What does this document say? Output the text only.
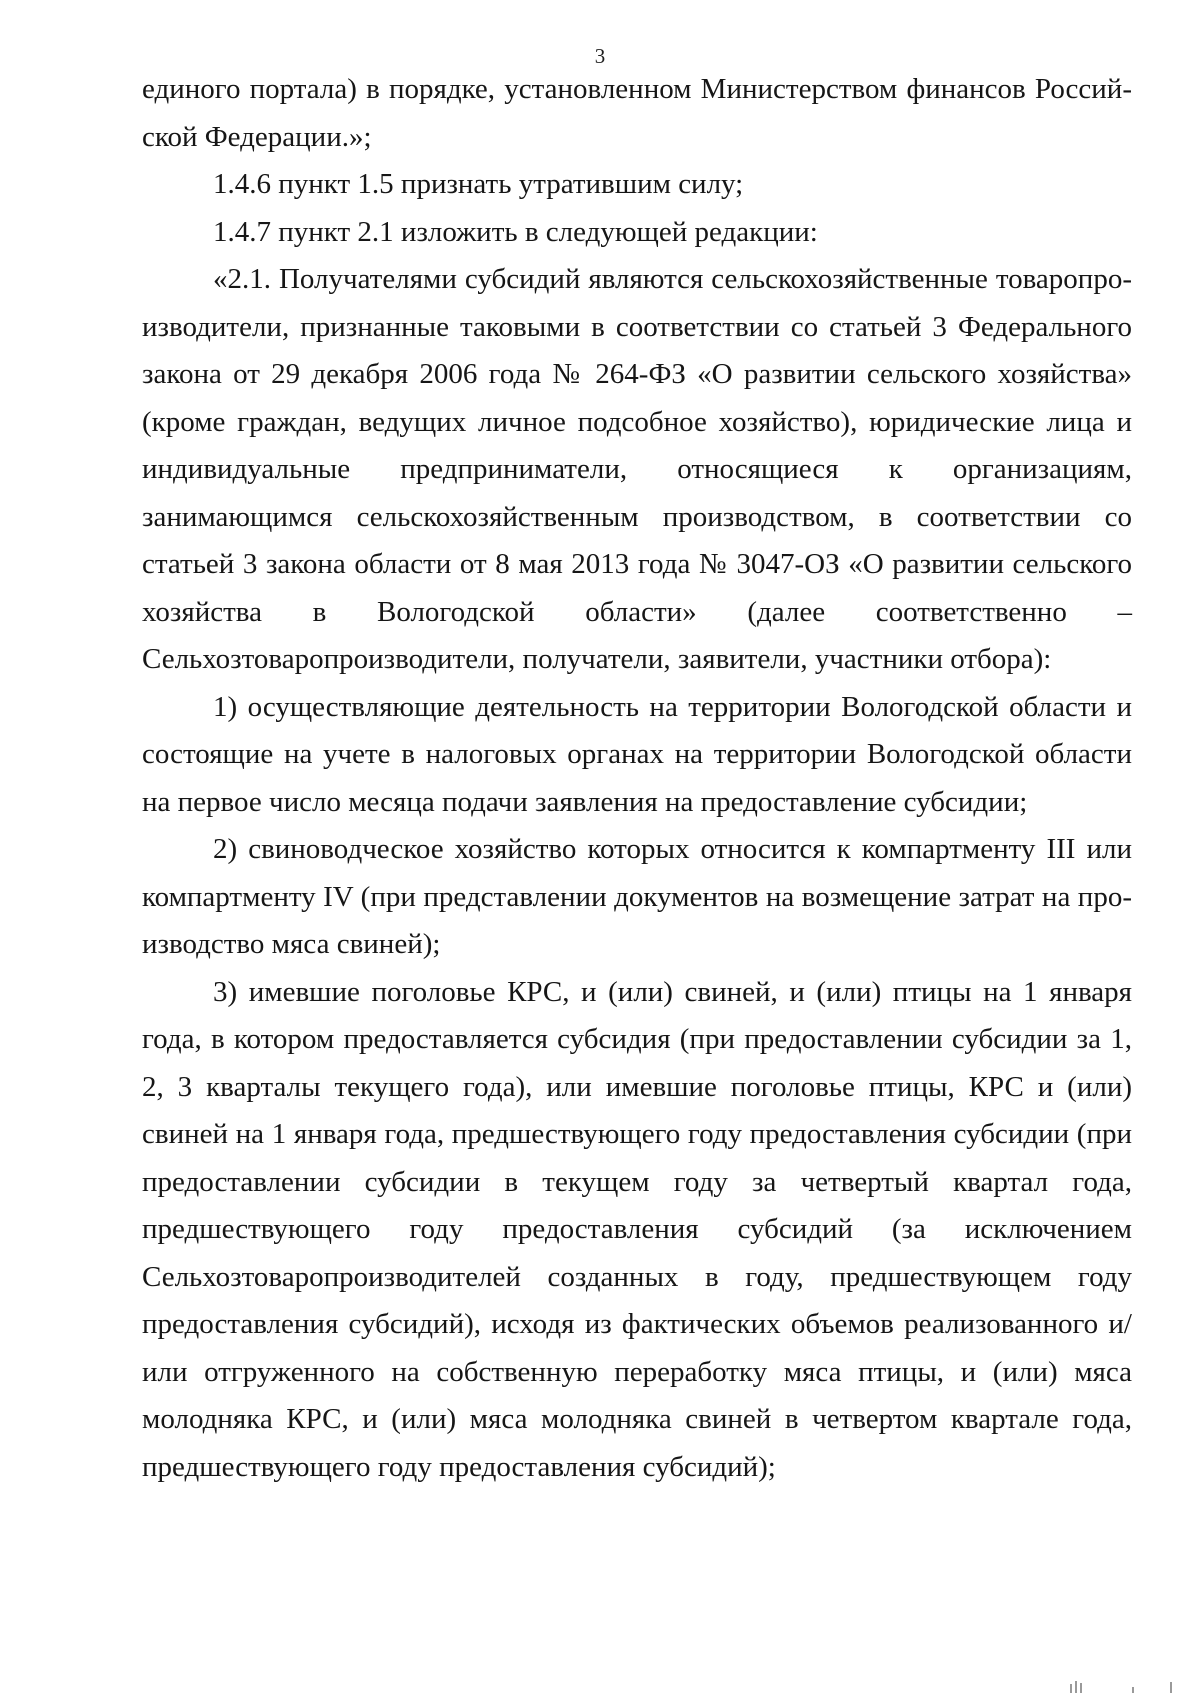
3

единого портала) в порядке, установленном Министерством финансов Российской Федерации.»;

1.4.6 пункт 1.5 признать утратившим силу;

1.4.7 пункт 2.1 изложить в следующей редакции:

«2.1. Получателями субсидий являются сельскохозяйственные товаропроизводители, признанные таковыми в соответствии со статьей 3 Федерального закона от 29 декабря 2006 года № 264-ФЗ «О развитии сельского хозяйства» (кроме граждан, ведущих личное подсобное хозяйство), юридические лица и индивидуальные предприниматели, относящиеся к организациям, занимающимся сельскохозяйственным производством, в соответствии со статьей 3 закона области от 8 мая 2013 года № 3047-ОЗ «О развитии сельского хозяйства в Вологодской области» (далее соответственно – Сельхозтоваропроизводители, получатели, заявители, участники отбора):

1) осуществляющие деятельность на территории Вологодской области и состоящие на учете в налоговых органах на территории Вологодской области на первое число месяца подачи заявления на предоставление субсидии;

2) свиноводческое хозяйство которых относится к компартменту III или компартменту IV (при представлении документов на возмещение затрат на производство мяса свиней);

3) имевшие поголовье КРС, и (или) свиней, и (или) птицы на 1 января года, в котором предоставляется субсидия (при предоставлении субсидии за 1, 2, 3 кварталы текущего года), или имевшие поголовье птицы, КРС и (или) свиней на 1 января года, предшествующего году предоставления субсидии (при предоставлении субсидии в текущем году за четвертый квартал года, предшествующего году предоставления субсидий (за исключением Сельхозтоваропроизводителей созданных в году, предшествующем году предоставления субсидий), исходя из фактических объемов реализованного и/или отгруженного на собственную переработку мяса птицы, и (или) мяса молодняка КРС, и (или) мяса молодняка свиней в четвертом квартале года, предшествующего году предоставления субсидий);
